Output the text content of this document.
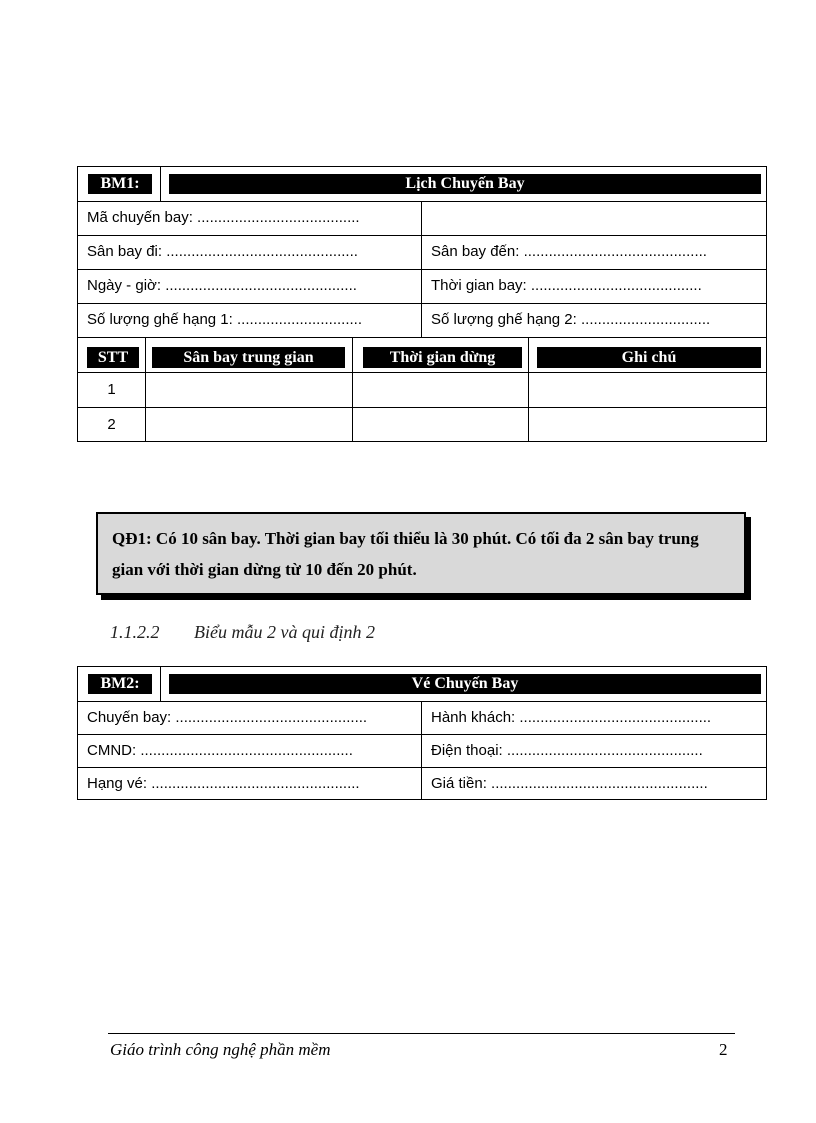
BM1:	Lịch Chuyến Bay
Mã chuyến bay: .......................................
Sân bay đi: ..............................................	Sân bay đến: ............................................
Ngày - giờ: ..............................................	Thời gian bay: .........................................
Số lượng ghế hạng 1: ..............................	Số lượng ghế hạng 2: ...............................
STT	Sân bay trung gian	Thời gian dừng	Ghi chú
1
2
QĐ1: Có 10 sân bay. Thời gian bay tối thiểu là 30 phút. Có tối đa 2 sân bay trung gian với thời gian dừng từ 10 đến 20 phút.
1.1.2.2 Biểu mẫu 2 và qui định 2
BM2:	Vé Chuyến Bay
Chuyến bay: ..............................................	Hành khách: ..............................................
CMND: ...................................................	Điện thoại: ...............................................
Hạng vé: ..................................................	Giá tiền: ....................................................
Giáo trình công nghệ phần mềm	2
